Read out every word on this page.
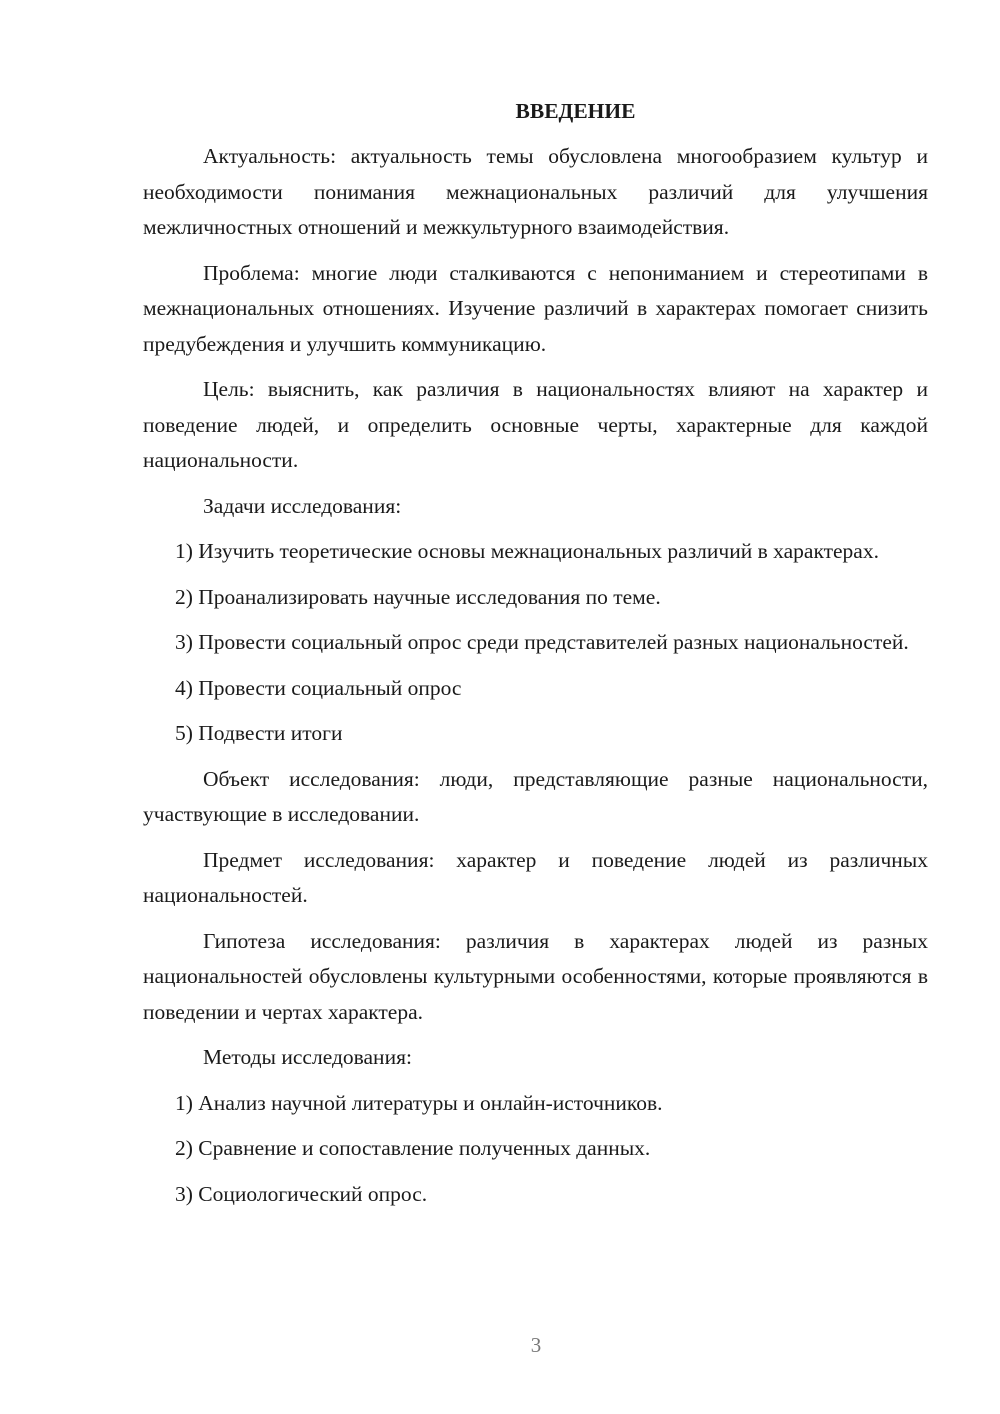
ВВЕДЕНИЕ

Актуальность: актуальность темы обусловлена многообразием культур и необходимости понимания межнациональных различий для улучшения межличностных отношений и межкультурного взаимодействия.

Проблема: многие люди сталкиваются с непониманием и стереотипами в межнациональных отношениях. Изучение различий в характерах помогает снизить предубеждения и улучшить коммуникацию.

Цель: выяснить, как различия в национальностях влияют на характер и поведение людей, и определить основные черты, характерные для каждой национальности.

Задачи исследования:

1) Изучить теоретические основы межнациональных различий в характерах.

2) Проанализировать научные исследования по теме.

3) Провести социальный опрос среди представителей разных национальностей.

4) Провести социальный опрос

5) Подвести итоги

Объект исследования: люди, представляющие разные национальности, участвующие в исследовании.

Предмет исследования: характер и поведение людей из различных национальностей.

Гипотеза исследования: различия в характерах людей из разных национальностей обусловлены культурными особенностями, которые проявляются в поведении и чертах характера.

Методы исследования:

1) Анализ научной литературы и онлайн-источников.

2) Сравнение и сопоставление полученных данных.

3) Социологический опрос.

3
